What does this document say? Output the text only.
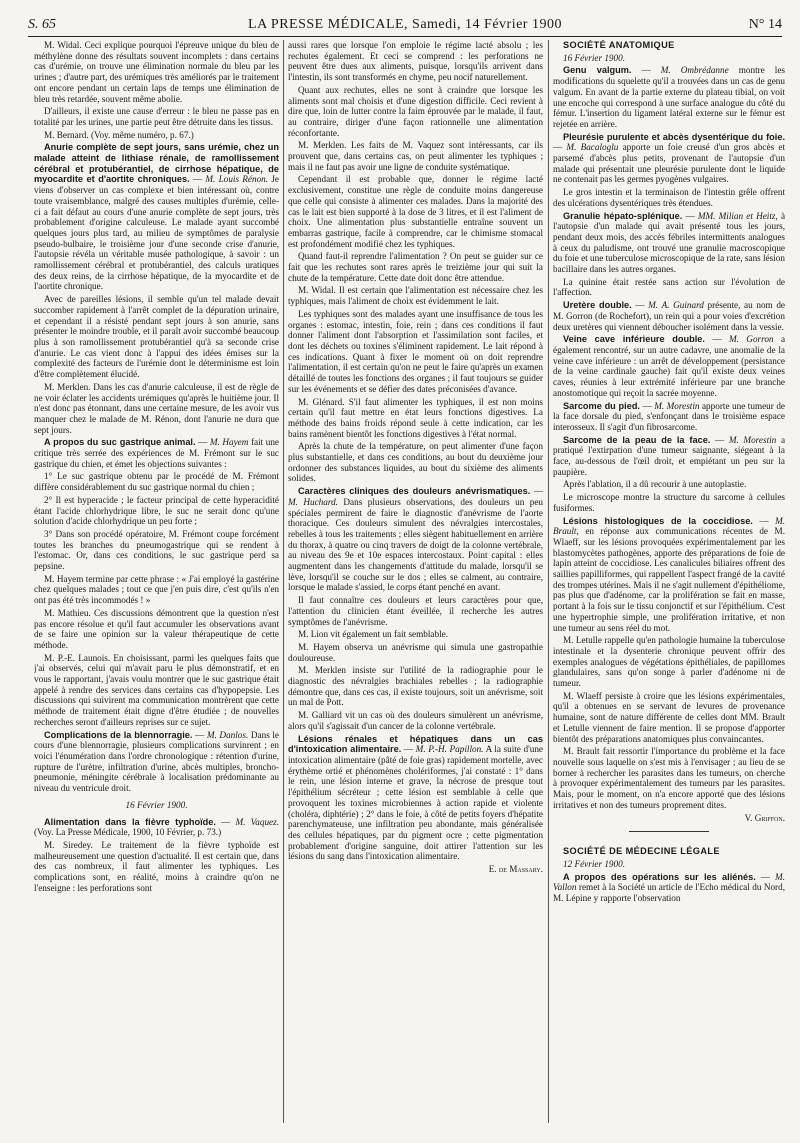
S. 65	LA PRESSE MÉDICALE, Samedi, 14 Février 1900	N° 14

M. Widal. Ceci explique pourquoi l'épreuve unique du bleu de méthylène donne des résultats souvent incomplets : dans certains cas d'urémie, on trouve une élimination normale du bleu par les urines ; d'autre part, des urémiques très améliorés par le traitement ont encore pendant un certain laps de temps une élimination de bleu très retardée, souvent même abolie.

D'ailleurs, il existe une cause d'erreur : le bleu ne passe pas en totalité par les urines, une partie peut être détruite dans les tissus.

M. Bernard. (Voy. même numéro, p. 67.)

Anurie complète de sept jours, sans urémie, chez un malade atteint de lithiase rénale, de ramollissement cérébral et protubérantiel, de cirrhose hépatique, de myocardite et d'aortite chroniques. — M. Louis Rénon. Je viens d'observer un cas complexe et bien intéressant où, contre toute vraisemblance, malgré des causes multiples d'urémie, celle-ci a fait défaut au cours d'une anurie complète de sept jours, très probablement d'origine calculeuse. Le malade ayant succombé quelques jours plus tard, au milieu de symptômes de paralysie pseudo-bulbaire, le troisième jour d'une seconde crise d'anurie, l'autopsie révéla un véritable musée pathologique, à savoir : un ramollissement cérébral et protubérantiel, des calculs uratiques des deux reins, de la cirrhose hépatique, de la myocardite et de l'aortite chronique.

Avec de pareilles lésions, il semble qu'un tel malade devait succomber rapidement à l'arrêt complet de la dépuration urinaire, et cependant il a résisté pendant sept jours à son anurie, sans présenter le moindre trouble, et il paraît avoir succombé beaucoup plus à son ramollissement protubérantiel qu'à sa seconde crise d'anurie. Le cas vient donc à l'appui des idées émises sur la complexité des facteurs de l'urémie dont le déterminisme est loin d'être complètement élucidé.

M. Merklen. Dans les cas d'anurie calculeuse, il est de règle de ne voir éclater les accidents urémiques qu'après le huitième jour. Il n'est donc pas étonnant, dans une certaine mesure, de les avoir vus manquer chez le malade de M. Rénon, dont l'anurie ne dura que sept jours.

A propos du suc gastrique animal. — M. Hayem fait une critique très serrée des expériences de M. Frémont sur le suc gastrique du chien, et émet les objections suivantes :

1° Le suc gastrique obtenu par le procédé de M. Frémont diffère considérablement du suc gastrique normal du chien ;

2° Il est hyperacide ; le facteur principal de cette hyperacidité étant l'acide chlorhydrique libre, le suc ne serait donc qu'une solution d'acide chlorhydrique un peu forte ;

3° Dans son procédé opératoire, M. Frémont coupe forcément toutes les branches du pneumogastrique qui se rendent à l'estomac. Or, dans ces conditions, le suc gastrique perd sa pepsine.

M. Hayem termine par cette phrase : « J'ai employé la gastérine chez quelques malades ; tout ce que j'en puis dire, c'est qu'ils n'en ont pas été très incommodés ! »

M. Mathieu. Ces discussions démontrent que la question n'est pas encore résolue et qu'il faut accumuler les observations avant de se faire une opinion sur la valeur thérapeutique de cette méthode.

M. P.-E. Launois. En choisissant, parmi les quelques faits que j'ai observés, celui qui m'avait paru le plus démonstratif, et en vous le rapportant, j'avais voulu montrer que le suc gastrique était appelé à rendre des services dans certains cas d'hypopepsie. Les discussions qui suivirent ma communication montrèrent que cette méthode de traitement était digne d'être étudiée ; de nouvelles recherches seront d'ailleurs reprises sur ce sujet.

Complications de la blennorragie. — M. Danlos. Dans le cours d'une blennorragie, plusieurs complications survinrent ; en voici l'énumération dans l'ordre chronologique : rétention d'urine, rupture de l'urètre, infiltration d'urine, abcès multiples, broncho-pneumonie, méningite cérébrale à localisation prédominante au niveau du ventricule droit.

16 Février 1900.

Alimentation dans la fièvre typhoïde. — M. Vaquez. (Voy. La Presse Médicale, 1900, 10 Février, p. 73.)

M. Siredey. Le traitement de la fièvre typhoïde est malheureusement une question d'actualité. Il est certain que, dans des cas nombreux, il faut alimenter les typhiques. Les complications sont, en réalité, moins à craindre qu'on ne l'enseigne : les perforations sont

aussi rares que lorsque l'on emploie le régime lacté absolu ; les rechutes également. Et ceci se comprend : les perforations ne peuvent être dues aux aliments, puisque, lorsqu'ils arrivent dans l'intestin, ils sont transformés en chyme, peu nocif naturellement.

Quant aux rechutes, elles ne sont à craindre que lorsque les aliments sont mal choisis et d'une digestion difficile. Ceci revient à dire que, loin de lutter contre la faim éprouvée par le malade, il faut, au contraire, diriger d'une façon rationnelle une alimentation réconfortante.

M. Merklen. Les faits de M. Vaquez sont intéressants, car ils prouvent que, dans certains cas, on peut alimenter les typhiques ; mais il ne faut pas avoir une ligne de conduite systématique.

Cependant il est probable que, donner le régime lacté exclusivement, constitue une règle de conduite moins dangereuse que celle qui consiste à alimenter ces malades. Dans la majorité des cas le lait est bien supporté à la dose de 3 litres, et il est l'aliment de choix. Une alimentation plus substantielle entraîne souvent un embarras gastrique, facile à comprendre, car le chimisme stomacal est profondément modifié chez les typhiques.

Quand faut-il reprendre l'alimentation ? On peut se guider sur ce fait que les rechutes sont rares après le treizième jour qui suit la chute de la température. Cette date doit donc être attendue.

M. Widal. Il est certain que l'alimentation est nécessaire chez les typhiques, mais l'aliment de choix est évidemment le lait.

Les typhiques sont des malades ayant une insuffisance de tous les organes : estomac, intestin, foie, rein ; dans ces conditions il faut donner l'aliment dont l'absorption et l'assimilation sont faciles, et dont les déchets ou toxines s'éliminent rapidement. Le lait répond à ces indications. Quant à fixer le moment où on doit reprendre l'alimentation, il est certain qu'on ne peut le faire qu'après un examen détaillé de toutes les fonctions des organes ; il faut toujours se guider sur les événements et se défier des dates préconisées d'avance.

M. Glénard. S'il faut alimenter les typhiques, il est non moins certain qu'il faut mettre en état leurs fonctions digestives. La méthode des bains froids répond seule à cette indication, car les bains ramènent bientôt les fonctions digestives à l'état normal.

Après la chute de la température, on peut alimenter d'une façon plus substantielle, et dans ces conditions, au bout du deuxième jour ordonner des substances liquides, au bout du sixième des aliments solides.

Caractères cliniques des douleurs anévrismatiques. — M. Huchard. Dans plusieurs observations, des douleurs un peu spéciales permirent de faire le diagnostic d'anévrisme de l'aorte thoracique. Ces douleurs simulent des névralgies intercostales, rebelles à tous les traitements ; elles siègent habituellement en arrière du thorax, à quatre ou cinq travers de doigt de la colonne vertébrale, au niveau des 9e et 10e espaces intercostaux. Point capital : elles augmentent dans les changements d'attitude du malade, lorsqu'il se lève, lorsqu'il se couche sur le dos ; elles se calment, au contraire, lorsque le malade s'assied, le corps étant penché en avant.

Il faut connaître ces douleurs et leurs caractères pour que, l'attention du clinicien étant éveillée, il recherche les autres symptômes de l'anévrisme.

M. Lion vit également un fait semblable.

M. Hayem observa un anévrisme qui simula une gastropathie douloureuse.

M. Merklen insiste sur l'utilité de la radiographie pour le diagnostic des névralgies brachiales rebelles ; la radiographie démontre que, dans ces cas, il existe toujours, soit un anévrisme, soit un mal de Pott.

M. Galliard vit un cas où des douleurs simulèrent un anévrisme, alors qu'il s'agissait d'un cancer de la colonne vertébrale.

Lésions rénales et hépatiques dans un cas d'intoxication alimentaire. — M. P.-H. Papillon. A la suite d'une intoxication alimentaire (pâté de foie gras) rapidement mortelle, avec érythème ortié et phénomènes cholériformes, j'ai constaté : 1° dans le rein, une lésion interne et grave, la nécrose de presque tout l'épithélium sécréteur ; cette lésion est semblable à celle que provoquent les toxines microbiennes à action rapide et violente (choléra, diphtérie) ; 2° dans le foie, à côté de petits foyers d'hépatite parenchymateuse, une infiltration peu abondante, mais généralisée des cellules hépatiques, par du pigment ocre ; cette pigmentation probablement d'origine sanguine, doit attirer l'attention sur les lésions du sang dans l'intoxication alimentaire.

E. de Massary.

SOCIÉTÉ ANATOMIQUE

16 Février 1900.

Genu valgum. — M. Ombrédanne montre les modifications du squelette qu'il a trouvées dans un cas de genu valgum. En avant de la partie externe du plateau tibial, on voit une encoche qui correspond à une surface analogue du côté du fémur. L'insertion du ligament latéral externe sur le fémur est rejetée en arrière.

Pleurésie purulente et abcès dysentérique du foie. — M. Bacaloglu apporte un foie creusé d'un gros abcès et parsemé d'abcès plus petits, provenant de l'autopsie d'un malade qui présentait une pleurésie purulente dont le liquide ne contenait pas les germes pyogènes vulgaires.

Le gros intestin et la terminaison de l'intestin grêle offrent des ulcérations dysentériques très étendues.

Granulie hépato-splénique. — MM. Milian et Heitz, à l'autopsie d'un malade qui avait présenté tous les jours, pendant deux mois, des accès fébriles intermittents analogues à ceux du paludisme, ont trouvé une granulie macroscopique du foie et une tuberculose microscopique de la rate, sans lésion bacillaire dans les autres organes.

La quinine était restée sans action sur l'évolution de l'affection.

Uretère double. — M. A. Guinard présente, au nom de M. Gorron (de Rochefort), un rein qui a pour voies d'excrétion deux uretères qui viennent déboucher isolément dans la vessie.

Veine cave inférieure double. — M. Gorron a également rencontré, sur un autre cadavre, une anomalie de la veine cave inférieure : un arrêt de développement (persistance de la veine cardinale gauche) fait qu'il existe deux veines caves, réunies à leur extrémité inférieure par une branche anostomotique qui reçoit la sacrée moyenne.

Sarcome du pied. — M. Morestin apporte une tumeur de la face dorsale du pied, s'enfonçant dans le troisième espace interosseux. Il s'agit d'un fibrosarcome.

Sarcome de la peau de la face. — M. Morestin a pratiqué l'extirpation d'une tumeur saignante, siégeant à la face, au-dessous de l'œil droit, et empiétant un peu sur la paupière.

Après l'ablation, il a dû recourir à une autoplastie.

Le microscope montre la structure du sarcome à cellules fusiformes.

Lésions histologiques de la coccidiose. — M. Brault, en réponse aux communications récentes de M. Wlaeff, sur les lésions provoquées expérimentalement par les blastomycètes pathogènes, apporte des préparations de foie de lapin atteint de coccidiose. Les canalicules biliaires offrent des saillies papilliformes, qui rappellent l'aspect frangé de la cavité des trompes utérines. Mais il ne s'agit nullement d'épithéliome, pas plus que d'adénome, car la prolifération se fait en masse, portant à la fois sur le tissu conjonctif et sur l'épithélium. C'est une hypertrophie simple, une prolifération irritative, et non une tumeur au sens réel du mot.

M. Letulle rappelle qu'en pathologie humaine la tuberculose intestinale et la dysenterie chronique peuvent offrir des exemples analogues de végétations épithéliales, de papillomes glandulaires, sans qu'on songe à parler d'adénome ni de tumeur.

M. Wlaeff persiste à croire que les lésions expérimentales, qu'il a obtenues en se servant de levures de provenance humaine, sont de nature différente de celles dont MM. Brault et Letulle viennent de faire mention. Il se propose d'apporter bientôt des préparations anatomiques plus convaincantes.

M. Brault fait ressortir l'importance du problème et la face nouvelle sous laquelle on s'est mis à l'envisager ; au lieu de se borner à rechercher les parasites dans les tumeurs, on cherche à provoquer expérimentalement des tumeurs par les parasites. Mais, pour le moment, on n'a encore apporté que des lésions irritatives et non des tumeurs proprement dites.

V. Griffon.

SOCIÉTÉ DE MÉDECINE LÉGALE

12 Février 1900.

A propos des opérations sur les aliénés. — M. Vallon remet à la Société un article de l'Echo médical du Nord, M. Lépine y rapporte l'observation
